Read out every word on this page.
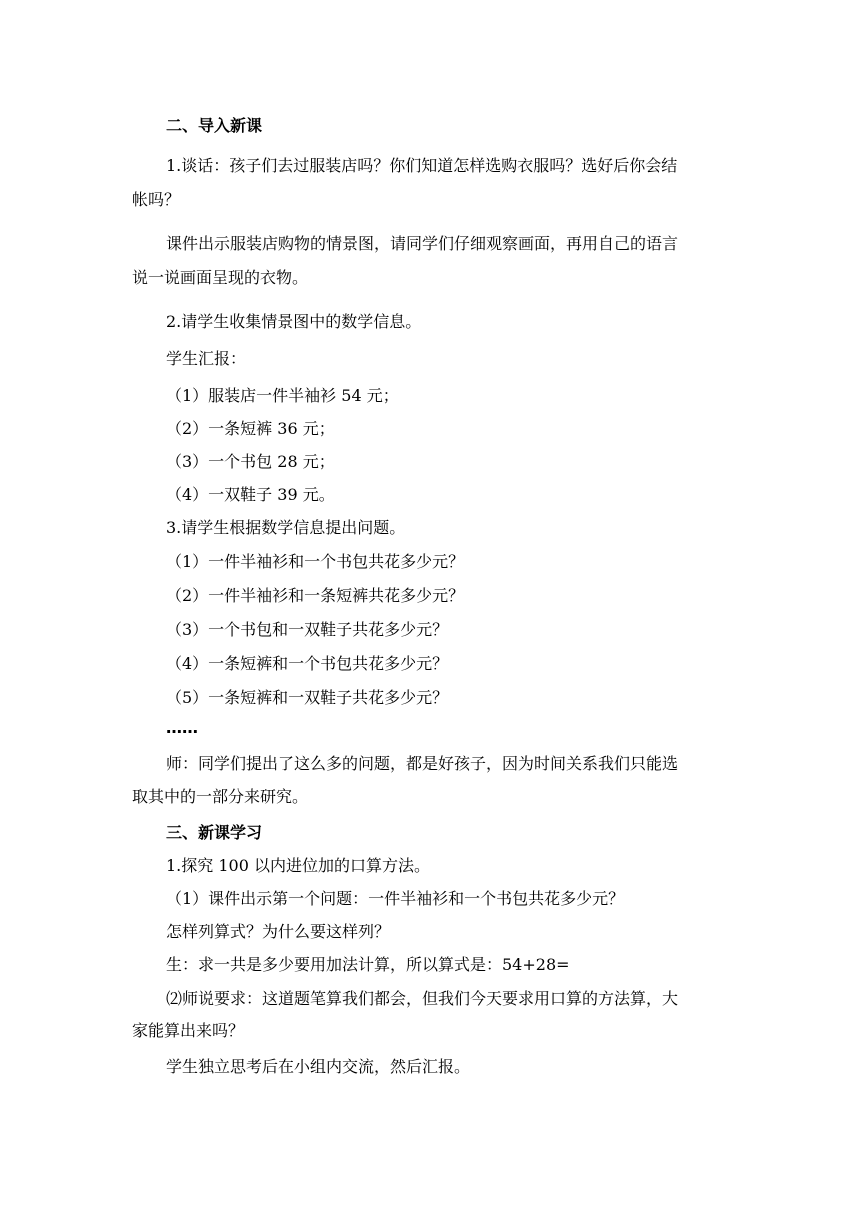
二、导入新课
1.谈话：孩子们去过服装店吗？你们知道怎样选购衣服吗？选好后你会结
帐吗？
课件出示服装店购物的情景图，请同学们仔细观察画面，再用自己的语言
说一说画面呈现的衣物。
2.请学生收集情景图中的数学信息。
学生汇报：
（1）服装店一件半袖衫 54 元；
（2）一条短裤 36 元；
（3）一个书包 28 元；
（4）一双鞋子 39 元。
3.请学生根据数学信息提出问题。
（1）一件半袖衫和一个书包共花多少元？
（2）一件半袖衫和一条短裤共花多少元？
（3）一个书包和一双鞋子共花多少元？
（4）一条短裤和一个书包共花多少元？
（5）一条短裤和一双鞋子共花多少元？
……
师：同学们提出了这么多的问题，都是好孩子，因为时间关系我们只能选
取其中的一部分来研究。
三、新课学习
1.探究 100 以内进位加的口算方法。
（1）课件出示第一个问题：一件半袖衫和一个书包共花多少元？
怎样列算式？为什么要这样列？
生：求一共是多少要用加法计算，所以算式是：54+28=
⑵师说要求：这道题笔算我们都会，但我们今天要求用口算的方法算，大
家能算出来吗？
学生独立思考后在小组内交流，然后汇报。
